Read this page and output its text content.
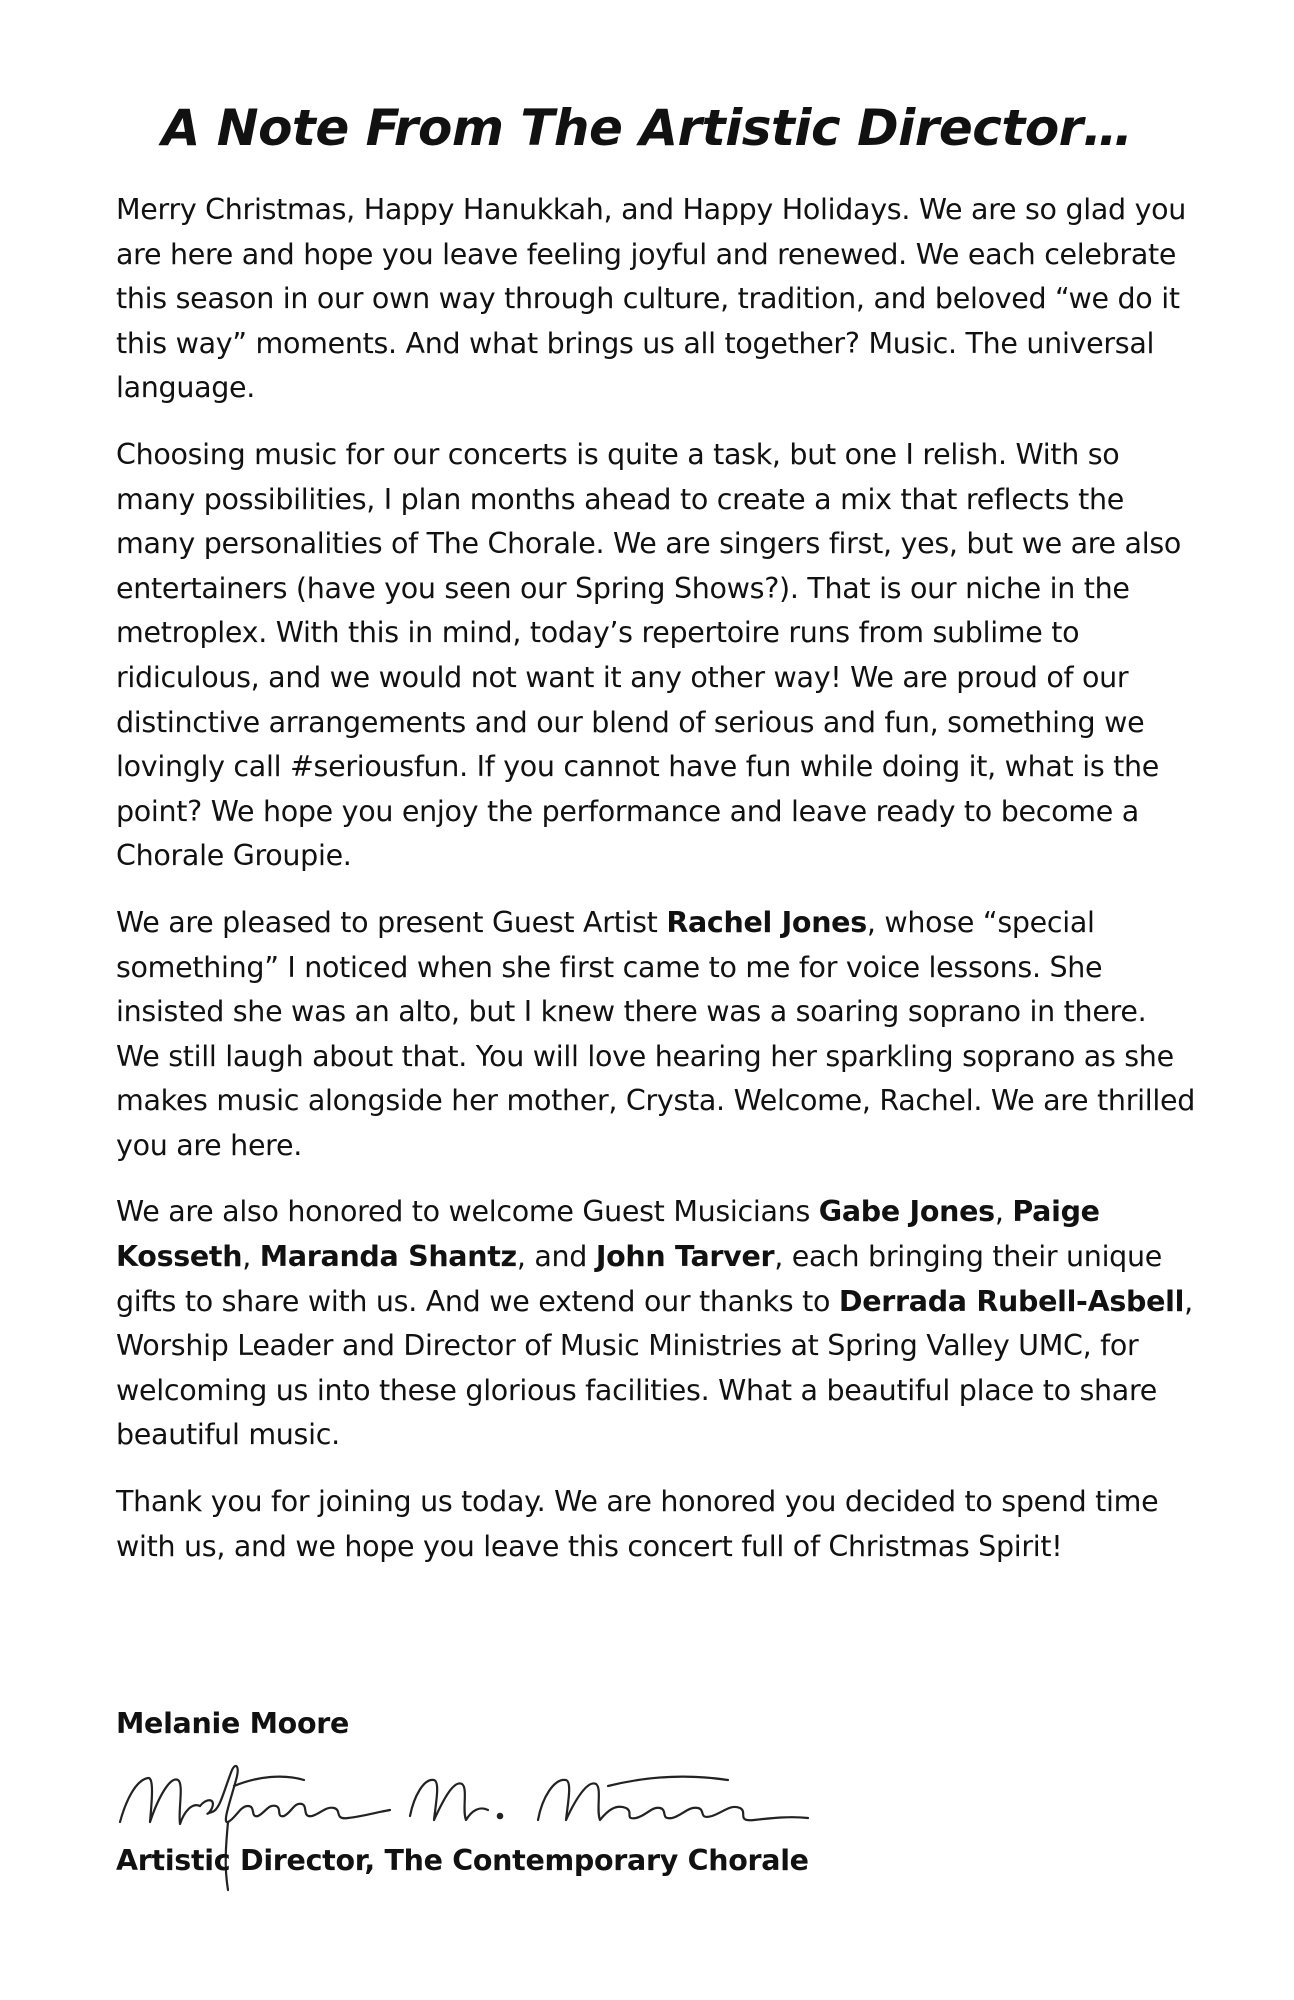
A Note From The Artistic Director…

Merry Christmas, Happy Hanukkah, and Happy Holidays. We are so glad you are here and hope you leave feeling joyful and renewed. We each celebrate this season in our own way through culture, tradition, and beloved “we do it this way” moments. And what brings us all together? Music. The universal language.

Choosing music for our concerts is quite a task, but one I relish. With so many possibilities, I plan months ahead to create a mix that reflects the many personalities of The Chorale. We are singers first, yes, but we are also entertainers (have you seen our Spring Shows?). That is our niche in the metroplex. With this in mind, today’s repertoire runs from sublime to ridiculous, and we would not want it any other way! We are proud of our distinctive arrangements and our blend of serious and fun, something we lovingly call #seriousfun. If you cannot have fun while doing it, what is the point? We hope you enjoy the performance and leave ready to become a Chorale Groupie.

We are pleased to present Guest Artist Rachel Jones, whose “special something” I noticed when she first came to me for voice lessons. She insisted she was an alto, but I knew there was a soaring soprano in there. We still laugh about that. You will love hearing her sparkling soprano as she makes music alongside her mother, Crysta. Welcome, Rachel. We are thrilled you are here.

We are also honored to welcome Guest Musicians Gabe Jones, Paige Kosseth, Maranda Shantz, and John Tarver, each bringing their unique gifts to share with us. And we extend our thanks to Derrada Rubell-Asbell, Worship Leader and Director of Music Ministries at Spring Valley UMC, for welcoming us into these glorious facilities. What a beautiful place to share beautiful music.

Thank you for joining us today. We are honored you decided to spend time with us, and we hope you leave this concert full of Christmas Spirit!

Melanie Moore
Artistic Director, The Contemporary Chorale
